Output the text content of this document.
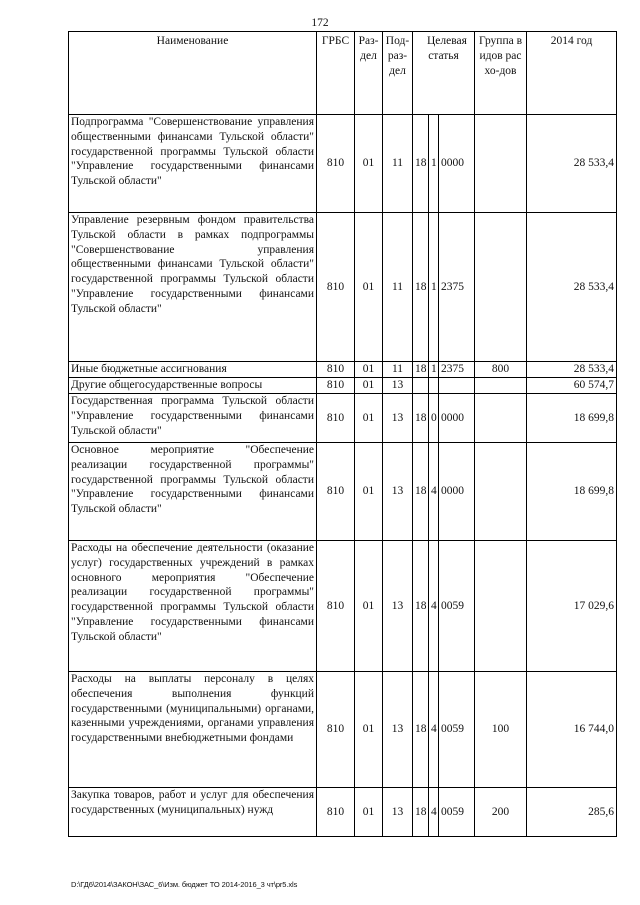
172
Наименование	ГРБС	Раз-дел	Под-раз-дел	Целевая статья			Группа видов расхо-дов	2014 год
Подпрограмма "Совершенствование управления общественными финансами Тульской области" государственной программы Тульской области "Управление государственными финансами Тульской области"	810	01	11	18	1	0000		28 533,4
Управление резервным фондом правительства Тульской области в рамках подпрограммы "Совершенствование управления общественными финансами Тульской области" государственной программы Тульской области "Управление государственными финансами Тульской области"	810	01	11	18	1	2375		28 533,4
Иные бюджетные ассигнования	810	01	11	18	1	2375	800	28 533,4
Другие общегосударственные вопросы	810	01	13					60 574,7
Государственная программа Тульской области "Управление государственными финансами Тульской области"	810	01	13	18	0	0000		18 699,8
Основное мероприятие "Обеспечение реализации государственной программы" государственной программы Тульской области "Управление государственными финансами Тульской области"	810	01	13	18	4	0000		18 699,8
Расходы на обеспечение деятельности (оказание услуг) государственных учреждений в рамках основного мероприятия "Обеспечение реализации государственной программы" государственной программы Тульской области "Управление государственными финансами Тульской области"	810	01	13	18	4	0059		17 029,6
Расходы на выплаты персоналу в целях обеспечения выполнения функций государственными (муниципальными) органами, казенными учреждениями, органами управления государственными внебюджетными фондами	810	01	13	18	4	0059	100	16 744,0
Закупка товаров, работ и услуг для обеспечения государственных (муниципальных) нужд	810	01	13	18	4	0059	200	285,6
D:\ГД6\2014\ЗАКОН\ЗАС_6\Изм. бюджет ТО 2014-2016_3 чт\pr5.xls
